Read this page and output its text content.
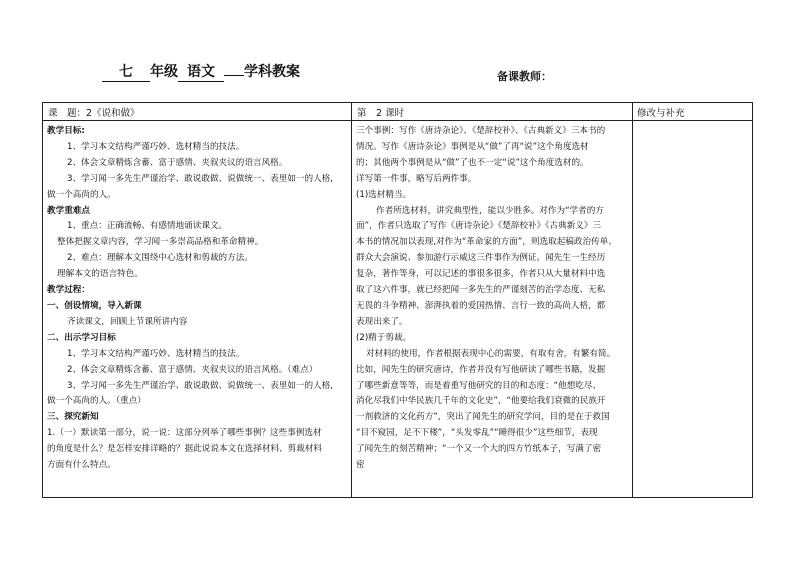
七 年级 语文 学科教案	备课教师：
课　题：2《说和做》	第　2 课时	修改与补充
教学目标:
1、学习本文结构严谨巧妙、选材精当的技法。
2、体会文章精炼含蓄、富于感情、夹叙夹议的语言风格。
3、学习闻一多先生严谨治学、敢说敢做、说做统一、表里如一的人格,
做一个高尚的人。
教学重难点
1、重点：正确流畅、有感情地诵读课文。
整体把握文章内容，学习闻一多崇高品格和革命精神。
2、难点：理解本文围绕中心选材和剪裁的方法。
理解本文的语言特色。
教学过程：
一、创设情境，导入新课
齐读课文，回顾上节课所讲内容
二、出示学习目标
1、学习本文结构严谨巧妙、选材精当的技法。
2、体会文章精炼含蓄、富于感情、夹叙夹议的语言风格。（难点）
3、学习闻一多先生严谨治学、敢说敢做、说做统一、表里如一的人格,
做一个高尚的人。（重点）
三、探究新知
1.（一）默读第一部分，说一说：这部分列举了哪些事例？这些事例选材
的角度是什么？是怎样安排详略的？据此说说本文在选择材料、剪裁材料
方面有什么特点。
三个事例：写作《唐诗杂论》、《楚辞校补》、《古典新义》三本书的
情况。写作《唐诗杂论》事例是从“做”了再“说”这个角度选材
的；其他两个事例是从“做”了也不一定“说”这个角度选材的。
详写第一件事，略写后两件事。
(1)选材精当。
作者所选材料，讲究典型性，能以少胜多。对作为“学者的方
面”，作者只选取了写作《唐诗杂论》《楚辞校补》《古典新义》三
本书的情况加以表现,对作为“革命家的方面”，则选取起稿政治传单、
群众大会演说、参加游行示威这三件事作为例证。闻先生一生经历
复杂，著作等身，可以记述的事很多很多，作者只从大量材料中选
取了这六件事，就已经把闻一多先生的严谨刻苦的治学态度、无私
无畏的斗争精神、澎湃执着的爱国热情、言行一致的高尚人格，都
表现出来了。
(2)精于剪裁。
对材料的使用，作者根据表现中心的需要，有取有舍，有繁有简。
比如，闻先生的研究唐诗，作者并没有写他研读了哪些书籍，发掘
了哪些新意等等，而是着重写他研究的目的和态度：“他想吃尽、
消化尽我们中华民族几千年的文化史”，“他要给我们衰微的民族开
一剂救济的文化药方”，突出了闻先生的研究学问，目的是在于救国
“目不窥园，足不下楼”，“头发零乱”“睡得很少”这些细节，表现
了闻先生的刻苦精神；“一个又一个大的四方竹纸本子，写满了密
密
